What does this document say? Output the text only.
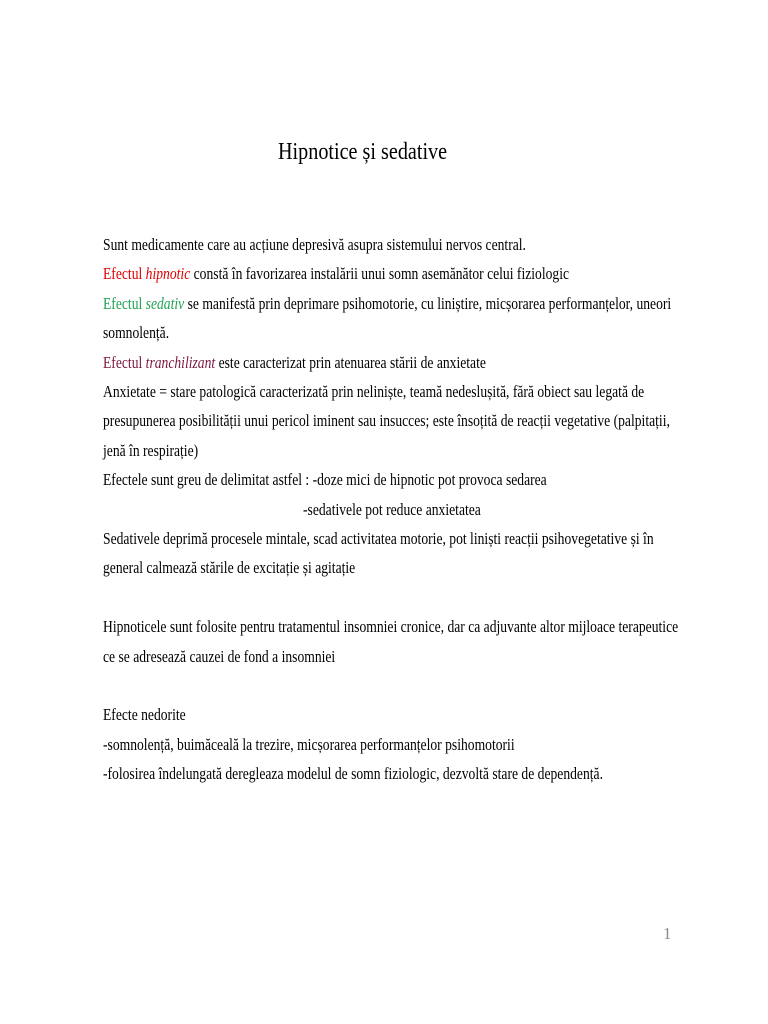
Hipnotice și sedative
Sunt medicamente care au acțiune depresivă asupra sistemului nervos central.
Efectul hipnotic constă în favorizarea instalării unui somn asemănător celui fiziologic
Efectul sedativ se manifestă prin deprimare psihomotorie, cu liniștire, micșorarea performanțelor, uneori
somnolență.
Efectul tranchilizant este caracterizat prin atenuarea stării de anxietate
Anxietate = stare patologică caracterizată prin neliniște, teamă nedeslușită, fără obiect sau legată de
presupunerea posibilității unui pericol iminent sau insucces; este însoțită de reacții vegetative (palpitații,
jenă în respirație)
Efectele sunt greu de delimitat astfel : -doze mici de hipnotic pot provoca sedarea
-sedativele pot reduce anxietatea
Sedativele deprimă procesele mintale, scad activitatea motorie, pot liniști reacții psihovegetative și în
general calmează stările de excitație și agitație
Hipnoticele sunt folosite pentru tratamentul insomniei cronice, dar ca adjuvante altor mijloace terapeutice
ce se adresează cauzei de fond a insomniei
Efecte nedorite
-somnolență, buimăceală la trezire, micșorarea performanțelor psihomotorii
-folosirea îndelungată deregleaza modelul de somn fiziologic, dezvoltă stare de dependență.
1
